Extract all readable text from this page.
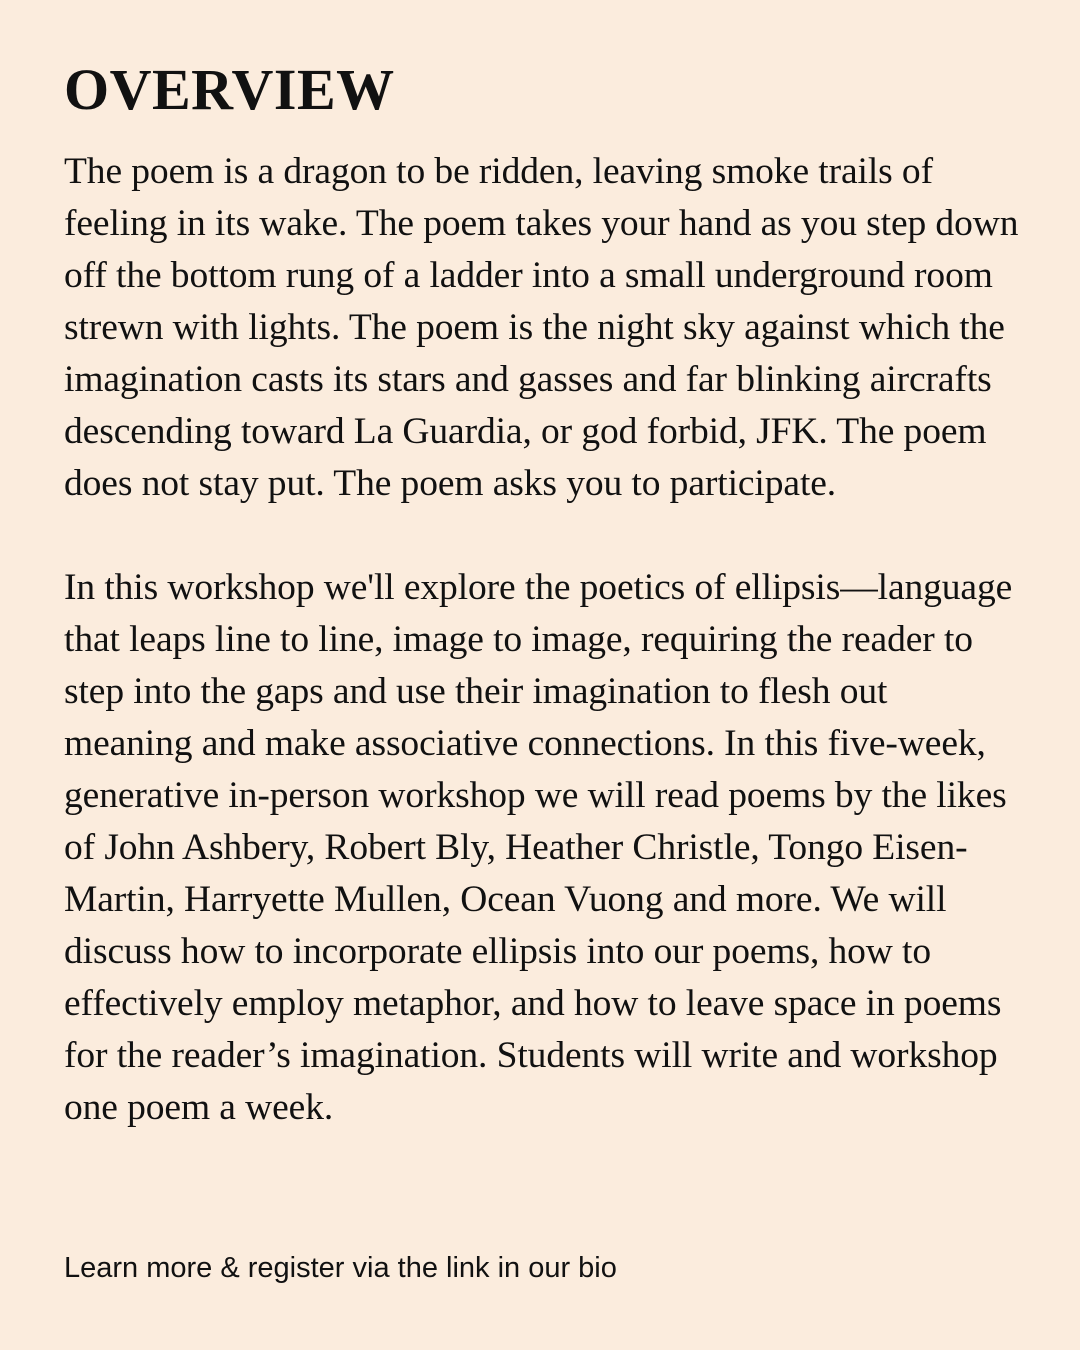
OVERVIEW

The poem is a dragon to be ridden, leaving smoke trails of feeling in its wake. The poem takes your hand as you step down off the bottom rung of a ladder into a small underground room strewn with lights. The poem is the night sky against which the imagination casts its stars and gasses and far blinking aircrafts descending toward La Guardia, or god forbid, JFK. The poem does not stay put. The poem asks you to participate.

In this workshop we'll explore the poetics of ellipsis—language that leaps line to line, image to image, requiring the reader to step into the gaps and use their imagination to flesh out meaning and make associative connections. In this five-week, generative in-person workshop we will read poems by the likes of John Ashbery, Robert Bly, Heather Christle, Tongo Eisen-Martin, Harryette Mullen, Ocean Vuong and more. We will discuss how to incorporate ellipsis into our poems, how to effectively employ metaphor, and how to leave space in poems for the reader’s imagination. Students will write and workshop one poem a week.

Learn more & register via the link in our bio
